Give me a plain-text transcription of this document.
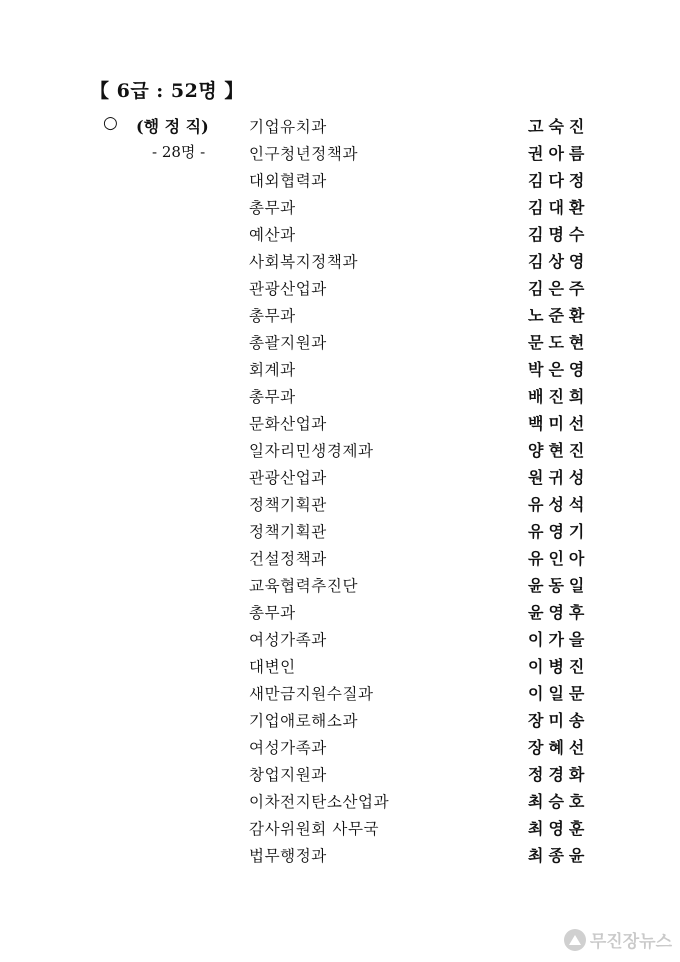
【 6급 : 52명 】
○ (행 정 직)
- 28명 -
기업유치과	고숙진
인구청년정책과	권아름
대외협력과	김다정
총무과	김대환
예산과	김명수
사회복지정책과	김상영
관광산업과	김은주
총무과	노준환
총괄지원과	문도현
회계과	박은영
총무과	배진희
문화산업과	백미선
일자리민생경제과	양현진
관광산업과	원귀성
정책기획관	유성석
정책기획관	유영기
건설정책과	유인아
교육협력추진단	윤동일
총무과	윤영후
여성가족과	이가을
대변인	이병진
새만금지원수질과	이일문
기업애로해소과	장미송
여성가족과	장혜선
창업지원과	정경화
이차전지탄소산업과	최승호
감사위원회 사무국	최영훈
법무행정과	최종윤
무진장뉴스
